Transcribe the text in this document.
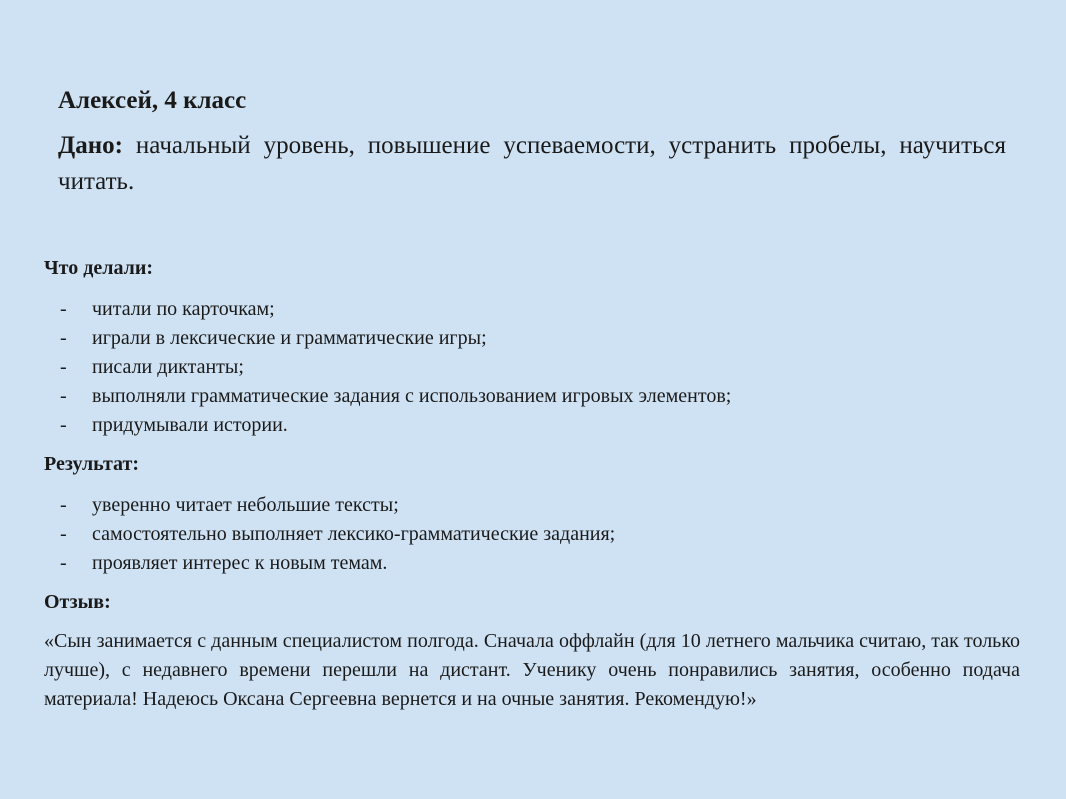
Алексей, 4 класс

Дано: начальный уровень, повышение успеваемости, устранить пробелы, научиться читать.

Что делали:

- читали по карточкам;
- играли в лексические и грамматические игры;
- писали диктанты;
- выполняли грамматические задания с использованием игровых элементов;
- придумывали истории.

Результат:

- уверенно читает небольшие тексты;
- самостоятельно выполняет лексико-грамматические задания;
- проявляет интерес к новым темам.

Отзыв:

«Сын занимается с данным специалистом полгода. Сначала оффлайн (для 10 летнего мальчика считаю, так только лучше), с недавнего времени перешли на дистант. Ученику очень понравились занятия, особенно подача материала! Надеюсь Оксана Сергеевна вернется и на очные занятия. Рекомендую!»
